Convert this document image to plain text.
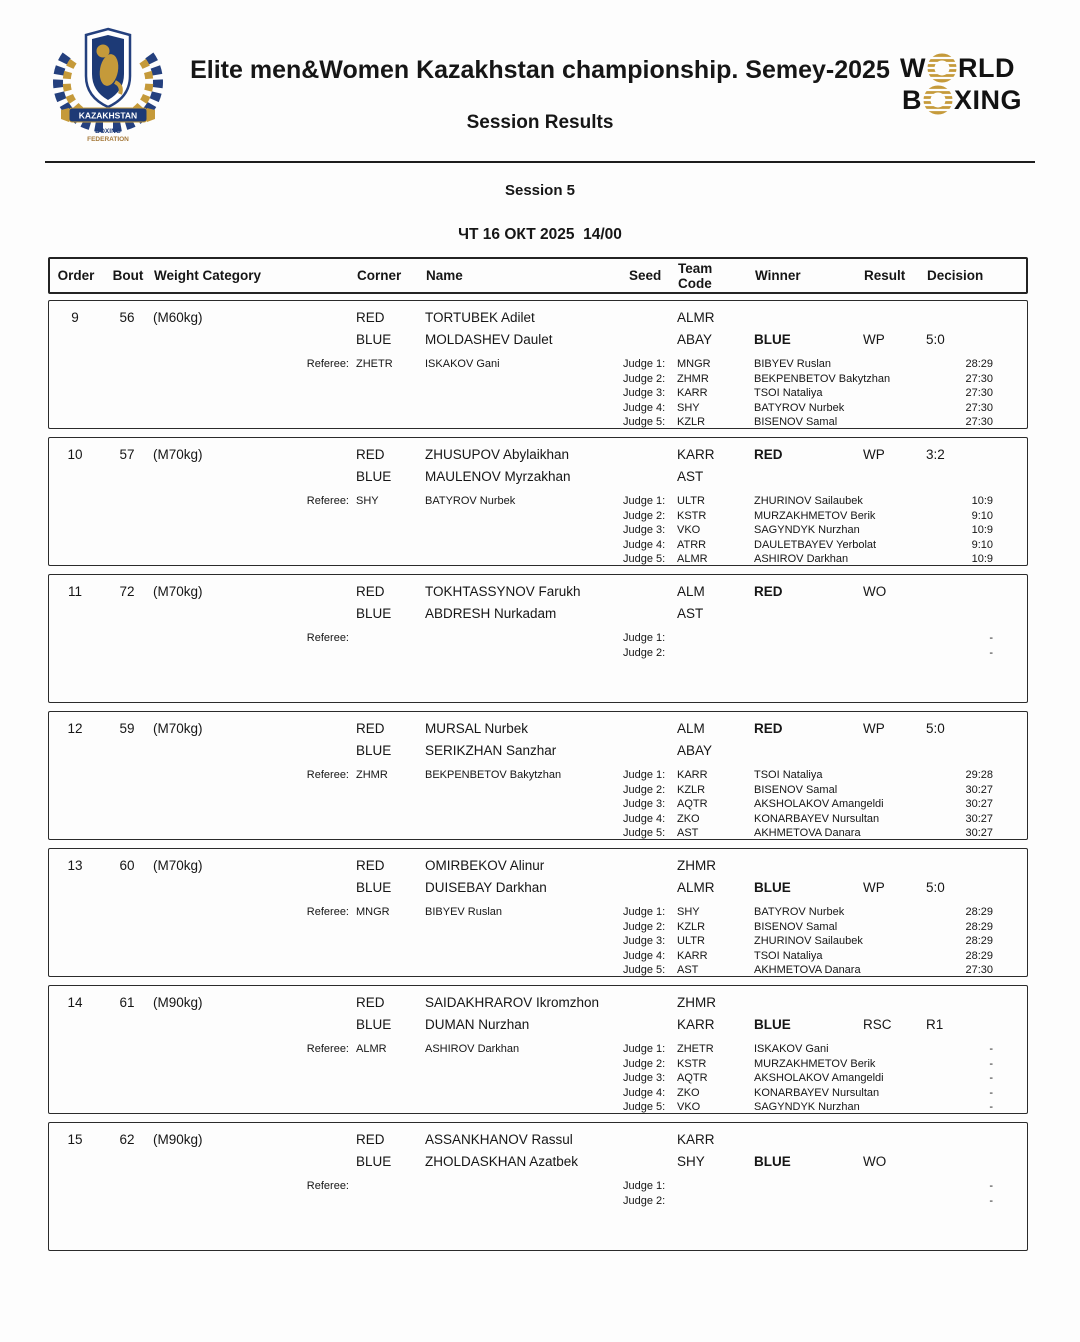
KAZAKHSTAN
BOXING
FEDERATION
Elite men&Women Kazakhstan championship. Semey-2025 W RLD
B XING
Session Results
Session 5
ЧТ 16 ОКТ 2025  14/00
Order	Bout Weight Category	Corner	Name	Seed	Team
Code	Winner	Result	Decision
9	56	(M60kg)	RED	TORTUBEK Adilet	ALMR
BLUE	MOLDASHEV Daulet	ABAY	BLUE	WP	5:0
Referee: ZHETR	ISKAKOV Gani	Judge 1:	MNGR	BIBYEV Ruslan	28:29
Judge 2:	ZHMR	BEKPENBETOV Bakytzhan	27:30
Judge 3:	KARR	TSOI Nataliya	27:30
Judge 4:	SHY	BATYROV Nurbek	27:30
Judge 5:	KZLR	BISENOV Samal	27:30
10	57	(M70kg)	RED	ZHUSUPOV Abylaikhan	KARR	RED	WP	3:2
BLUE	MAULENOV Myrzakhan	AST
Referee: SHY	BATYROV Nurbek	Judge 1:	ULTR	ZHURINOV Sailaubek	10:9
Judge 2:	KSTR	MURZAKHMETOV Berik	9:10
Judge 3:	VKO	SAGYNDYK Nurzhan	10:9
Judge 4:	ATRR	DAULETBAYEV Yerbolat	9:10
Judge 5:	ALMR	ASHIROV Darkhan	10:9
11	72	(M70kg)	RED	TOKHTASSYNOV Farukh	ALM	RED	WO
BLUE	ABDRESH Nurkadam	AST
Referee:	Judge 1:	-
Judge 2:	-
12	59	(M70kg)	RED	MURSAL Nurbek	ALM	RED	WP	5:0
BLUE	SERIKZHAN Sanzhar	ABAY
Referee: ZHMR	BEKPENBETOV Bakytzhan	Judge 1:	KARR	TSOI Nataliya	29:28
Judge 2:	KZLR	BISENOV Samal	30:27
Judge 3:	AQTR	AKSHOLAKOV Amangeldi	30:27
Judge 4:	ZKO	KONARBAYEV Nursultan	30:27
Judge 5:	AST	AKHMETOVA Danara	30:27
13	60	(M70kg)	RED	OMIRBEKOV Alinur	ZHMR
BLUE	DUISEBAY Darkhan	ALMR	BLUE	WP	5:0
Referee: MNGR	BIBYEV Ruslan	Judge 1:	SHY	BATYROV Nurbek	28:29
Judge 2:	KZLR	BISENOV Samal	28:29
Judge 3:	ULTR	ZHURINOV Sailaubek	28:29
Judge 4:	KARR	TSOI Nataliya	28:29
Judge 5:	AST	AKHMETOVA Danara	27:30
14	61	(M90kg)	RED	SAIDAKHRAROV Ikromzhon	ZHMR
BLUE	DUMAN Nurzhan	KARR	BLUE	RSC	R1
Referee: ALMR	ASHIROV Darkhan	Judge 1:	ZHETR	ISKAKOV Gani	-
Judge 2:	KSTR	MURZAKHMETOV Berik	-
Judge 3:	AQTR	AKSHOLAKOV Amangeldi	-
Judge 4:	ZKO	KONARBAYEV Nursultan	-
Judge 5:	VKO	SAGYNDYK Nurzhan	-
15	62	(M90kg)	RED	ASSANKHANOV Rassul	KARR
BLUE	ZHOLDASKHAN Azatbek	SHY	BLUE	WO
Referee:	Judge 1:	-
Judge 2:	-
